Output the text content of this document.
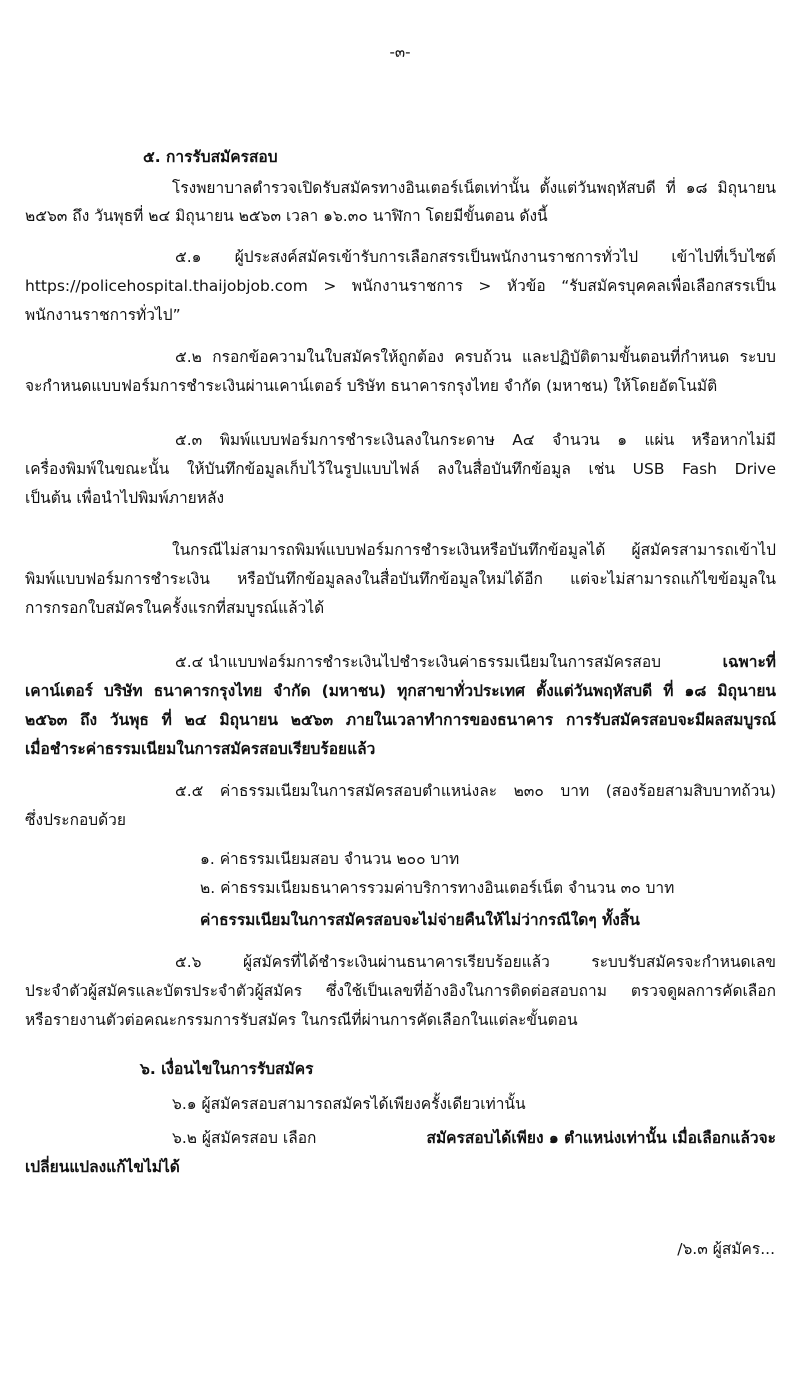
-๓-
๕. การรับสมัครสอบ
โรงพยาบาลตำรวจเปิดรับสมัครทางอินเตอร์เน็ตเท่านั้น ตั้งแต่วันพฤหัสบดี ที่ ๑๘ มิถุนายน
๒๕๖๓ ถึง วันพุธที่ ๒๔ มิถุนายน ๒๕๖๓ เวลา ๑๖.๓๐ นาฬิกา โดยมีขั้นตอน ดังนี้
๕.๑ ผู้ประสงค์สมัครเข้ารับการเลือกสรรเป็นพนักงานราชการทั่วไป เข้าไปที่เว็บไซต์
https://policehospital.thaijobjob.com > พนักงานราชการ > หัวข้อ “รับสมัครบุคคลเพื่อเลือกสรรเป็น
พนักงานราชการทั่วไป”
๕.๒ กรอกข้อความในใบสมัครให้ถูกต้อง ครบถ้วน และปฏิบัติตามขั้นตอนที่กำหนด ระบบ
จะกำหนดแบบฟอร์มการชำระเงินผ่านเคาน์เตอร์ บริษัท ธนาคารกรุงไทย จำกัด (มหาชน) ให้โดยอัตโนมัติ
๕.๓ พิมพ์แบบฟอร์มการชำระเงินลงในกระดาษ A๔ จำนวน ๑ แผ่น หรือหากไม่มี
เครื่องพิมพ์ในขณะนั้น ให้บันทึกข้อมูลเก็บไว้ในรูปแบบไฟล์ ลงในสื่อบันทึกข้อมูล เช่น USB Fash Drive
เป็นต้น เพื่อนำไปพิมพ์ภายหลัง
ในกรณีไม่สามารถพิมพ์แบบฟอร์มการชำระเงินหรือบันทึกข้อมูลได้ ผู้สมัครสามารถเข้าไป
พิมพ์แบบฟอร์มการชำระเงิน หรือบันทึกข้อมูลลงในสื่อบันทึกข้อมูลใหม่ได้อีก แต่จะไม่สามารถแก้ไขข้อมูลใน
การกรอกใบสมัครในครั้งแรกที่สมบูรณ์แล้วได้
๕.๔ นำแบบฟอร์มการชำระเงินไปชำระเงินค่าธรรมเนียมในการสมัครสอบ	เฉพาะที่
เคาน์เตอร์ บริษัท ธนาคารกรุงไทย จำกัด (มหาชน) ทุกสาขาทั่วประเทศ ตั้งแต่วันพฤหัสบดี ที่ ๑๘ มิถุนายน
๒๕๖๓ ถึง วันพุธ ที่ ๒๔ มิถุนายน ๒๕๖๓ ภายในเวลาทำการของธนาคาร การรับสมัครสอบจะมีผลสมบูรณ์
เมื่อชำระค่าธรรมเนียมในการสมัครสอบเรียบร้อยแล้ว
๕.๕ ค่าธรรมเนียมในการสมัครสอบตำแหน่งละ ๒๓๐ บาท (สองร้อยสามสิบบาทถ้วน)
ซึ่งประกอบด้วย
๑. ค่าธรรมเนียมสอบ จำนวน ๒๐๐ บาท
๒. ค่าธรรมเนียมธนาคารรวมค่าบริการทางอินเตอร์เน็ต จำนวน ๓๐ บาท
ค่าธรรมเนียมในการสมัครสอบจะไม่จ่ายคืนให้ไม่ว่ากรณีใดๆ ทั้งสิ้น
๕.๖ ผู้สมัครที่ได้ชำระเงินผ่านธนาคารเรียบร้อยแล้ว ระบบรับสมัครจะกำหนดเลข
ประจำตัวผู้สมัครและบัตรประจำตัวผู้สมัคร ซึ่งใช้เป็นเลขที่อ้างอิงในการติดต่อสอบถาม ตรวจดูผลการคัดเลือก
หรือรายงานตัวต่อคณะกรรมการรับสมัคร ในกรณีที่ผ่านการคัดเลือกในแต่ละขั้นตอน
๖. เงื่อนไขในการรับสมัคร
๖.๑ ผู้สมัครสอบสามารถสมัครได้เพียงครั้งเดียวเท่านั้น
๖.๒ ผู้สมัครสอบ เลือก	สมัครสอบได้เพียง ๑ ตำแหน่งเท่านั้น เมื่อเลือกแล้วจะ
เปลี่ยนแปลงแก้ไขไม่ได้
/๖.๓ ผู้สมัคร...
